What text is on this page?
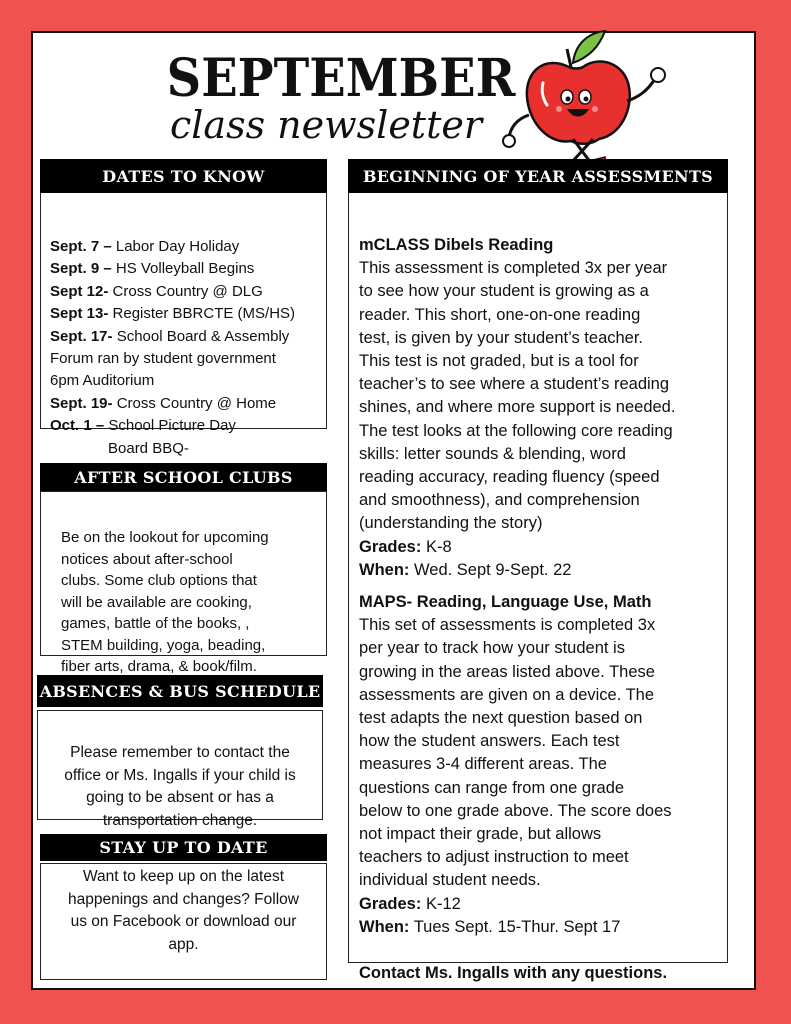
SEPTEMBER
class newsletter
Sept. 7 – Labor Day Holiday
Sept. 9 – HS Volleyball Begins
Sept 12- Cross Country @ DLG
Sept 13- Register BBRCTE (MS/HS)
Sept. 17- School Board & Assembly
Forum ran by student government
6pm Auditorium
Sept. 19- Cross Country @ Home
Oct. 1 – School Picture Day
Board BBQ-
DATES TO KNOW
Be on the lookout for upcoming
notices about after-school
clubs. Some club options that
will be available are cooking,
games, battle of the books, ,
STEM building, yoga, beading,
fiber arts, drama, & book/film.
AFTER SCHOOL CLUBS
Please remember to contact the
office or Ms. Ingalls if your child is
going to be absent or has a
transportation change.
ABSENCES & BUS SCHEDULE
STAY UP TO DATE
Want to keep up on the latest
happenings and changes? Follow
us on Facebook or download our
app.
mCLASS Dibels Reading
This assessment is completed 3x per year
to see how your student is growing as a
reader. This short, one-on-one reading
test, is given by your student’s teacher.
This test is not graded, but is a tool for
teacher’s to see where a student’s reading
shines, and where more support is needed.
The test looks at the following core reading
skills: letter sounds & blending, word
reading accuracy, reading fluency (speed
and smoothness), and comprehension
(understanding the story)
Grades: K-8
When: Wed. Sept 9-Sept. 22
MAPS- Reading, Language Use, Math
This set of assessments is completed 3x
per year to track how your student is
growing in the areas listed above. These
assessments are given on a device. The
test adapts the next question based on
how the student answers. Each test
measures 3-4 different areas. The
questions can range from one grade
below to one grade above. The score does
not impact their grade, but allows
teachers to adjust instruction to meet
individual student needs.
Grades: K-12
When: Tues Sept. 15-Thur. Sept 17
Contact Ms. Ingalls with any questions.
BEGINNING OF YEAR ASSESSMENTS
